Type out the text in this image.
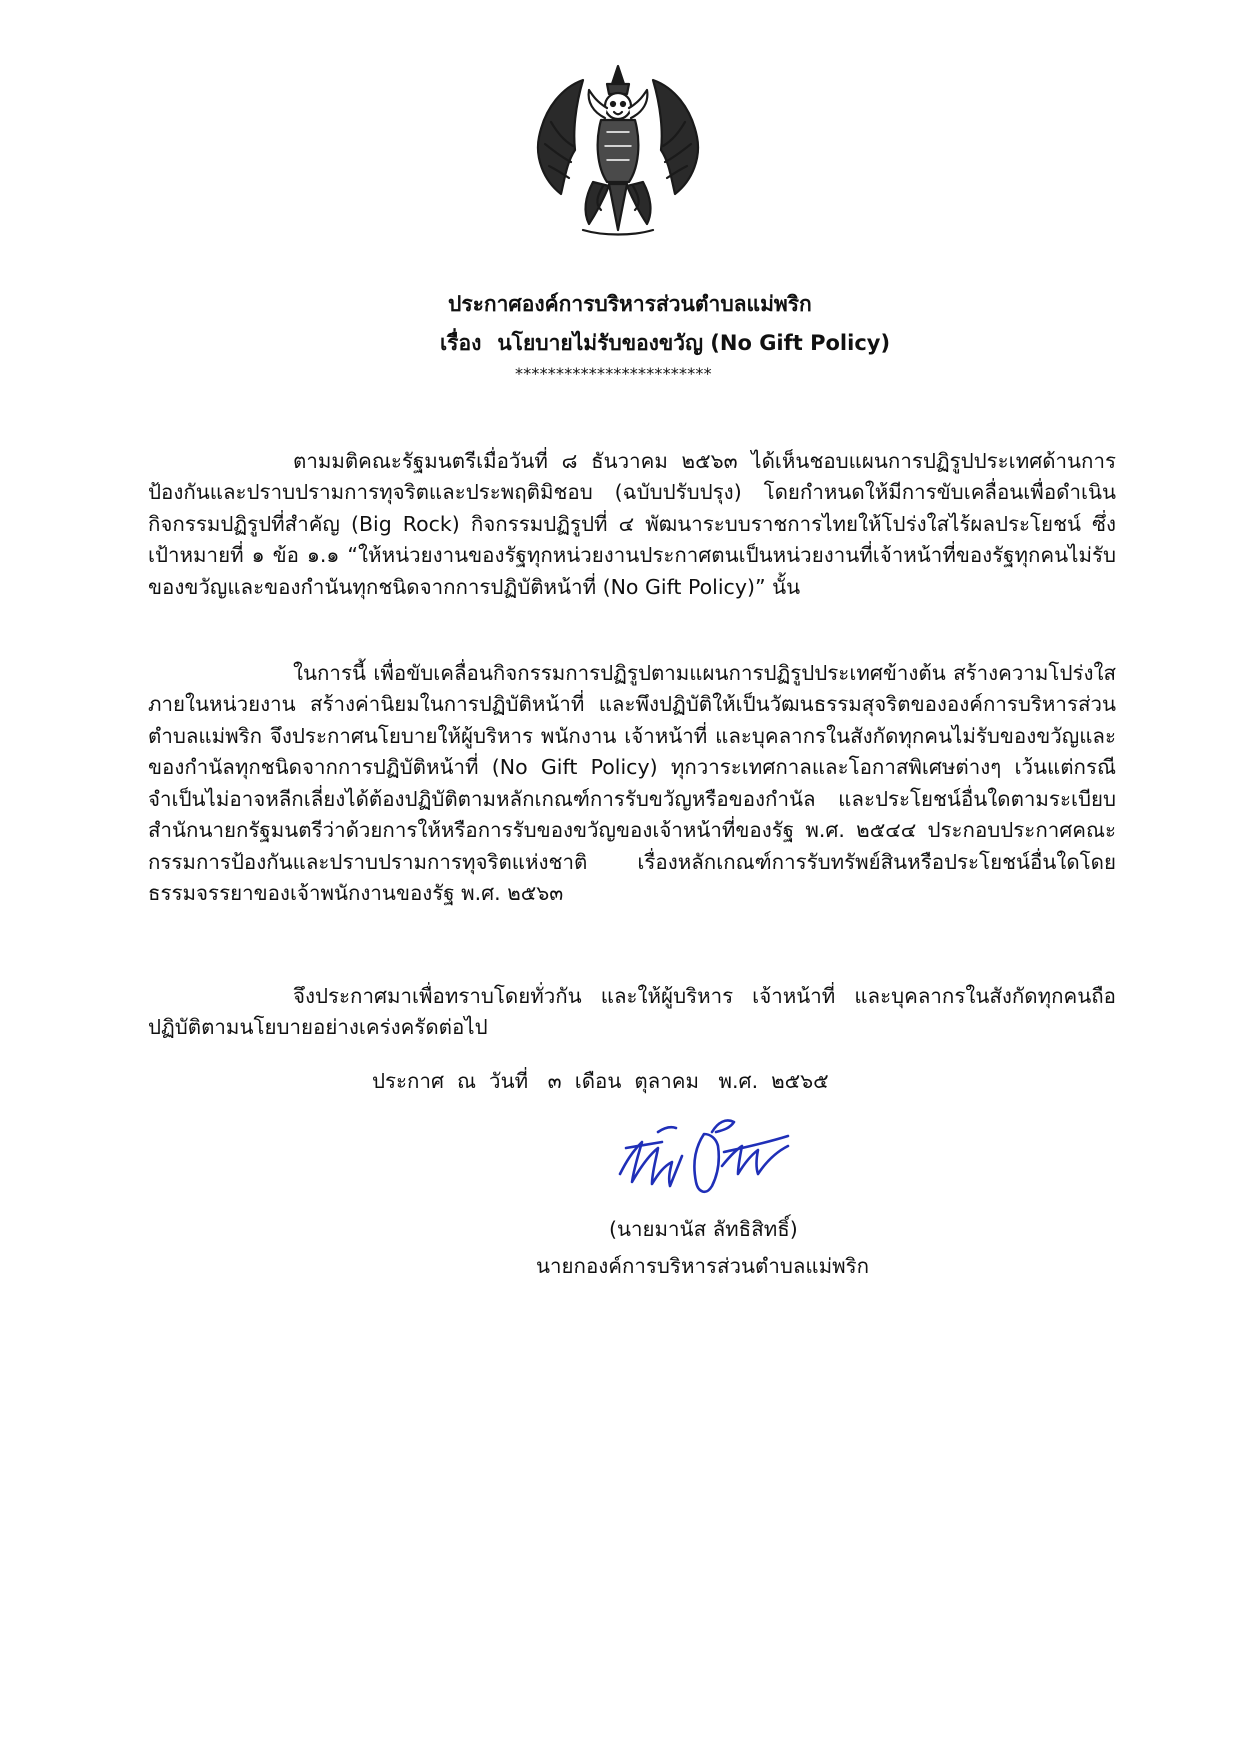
ประกาศองค์การบริหารส่วนตำบลแม่พริก
เรื่อง นโยบายไม่รับของขวัญ (No Gift Policy)
************************

ตามมติคณะรัฐมนตรีเมื่อวันที่ ๘ ธันวาคม ๒๕๖๓ ได้เห็นชอบแผนการปฏิรูปประเทศด้านการป้องกันและปราบปรามการทุจริตและประพฤติมิชอบ (ฉบับปรับปรุง) โดยกำหนดให้มีการขับเคลื่อนเพื่อดำเนินกิจกรรมปฏิรูปที่สำคัญ (Big Rock) กิจกรรมปฏิรูปที่ ๔ พัฒนาระบบราชการไทยให้โปร่งใสไร้ผลประโยชน์ ซึ่งเป้าหมายที่ ๑ ข้อ ๑.๑ “ให้หน่วยงานของรัฐทุกหน่วยงานประกาศตนเป็นหน่วยงานที่เจ้าหน้าที่ของรัฐทุกคนไม่รับของขวัญและของกำนันทุกชนิดจากการปฏิบัติหน้าที่ (No Gift Policy)” นั้น

ในการนี้ เพื่อขับเคลื่อนกิจกรรมการปฏิรูปตามแผนการปฏิรูปประเทศข้างต้น สร้างความโปร่งใสภายในหน่วยงาน สร้างค่านิยมในการปฏิบัติหน้าที่ และพึงปฏิบัติให้เป็นวัฒนธรรมสุจริตขององค์การบริหารส่วนตำบลแม่พริก จึงประกาศนโยบายให้ผู้บริหาร พนักงาน เจ้าหน้าที่ และบุคลากรในสังกัดทุกคนไม่รับของขวัญและของกำนัลทุกชนิดจากการปฏิบัติหน้าที่ (No Gift Policy) ทุกวาระเทศกาลและโอกาสพิเศษต่างๆ เว้นแต่กรณีจำเป็นไม่อาจหลีกเลี่ยงได้ต้องปฏิบัติตามหลักเกณฑ์การรับขวัญหรือของกำนัล และประโยชน์อื่นใดตามระเบียบสำนักนายกรัฐมนตรีว่าด้วยการให้หรือการรับของขวัญของเจ้าหน้าที่ของรัฐ พ.ศ. ๒๕๔๔ ประกอบประกาศคณะกรรมการป้องกันและปราบปรามการทุจริตแห่งชาติ เรื่องหลักเกณฑ์การรับทรัพย์สินหรือประโยชน์อื่นใดโดยธรรมจรรยาของเจ้าพนักงานของรัฐ พ.ศ. ๒๕๖๓

จึงประกาศมาเพื่อทราบโดยทั่วกัน และให้ผู้บริหาร เจ้าหน้าที่ และบุคลากรในสังกัดทุกคนถือปฏิบัติตามนโยบายอย่างเคร่งครัดต่อไป

ประกาศ  ณ  วันที่   ๓  เดือน  ตุลาคม   พ.ศ.  ๒๕๖๕
(นายมานัส ลัทธิสิทธิ์)
นายกองค์การบริหารส่วนตำบลแม่พริก
